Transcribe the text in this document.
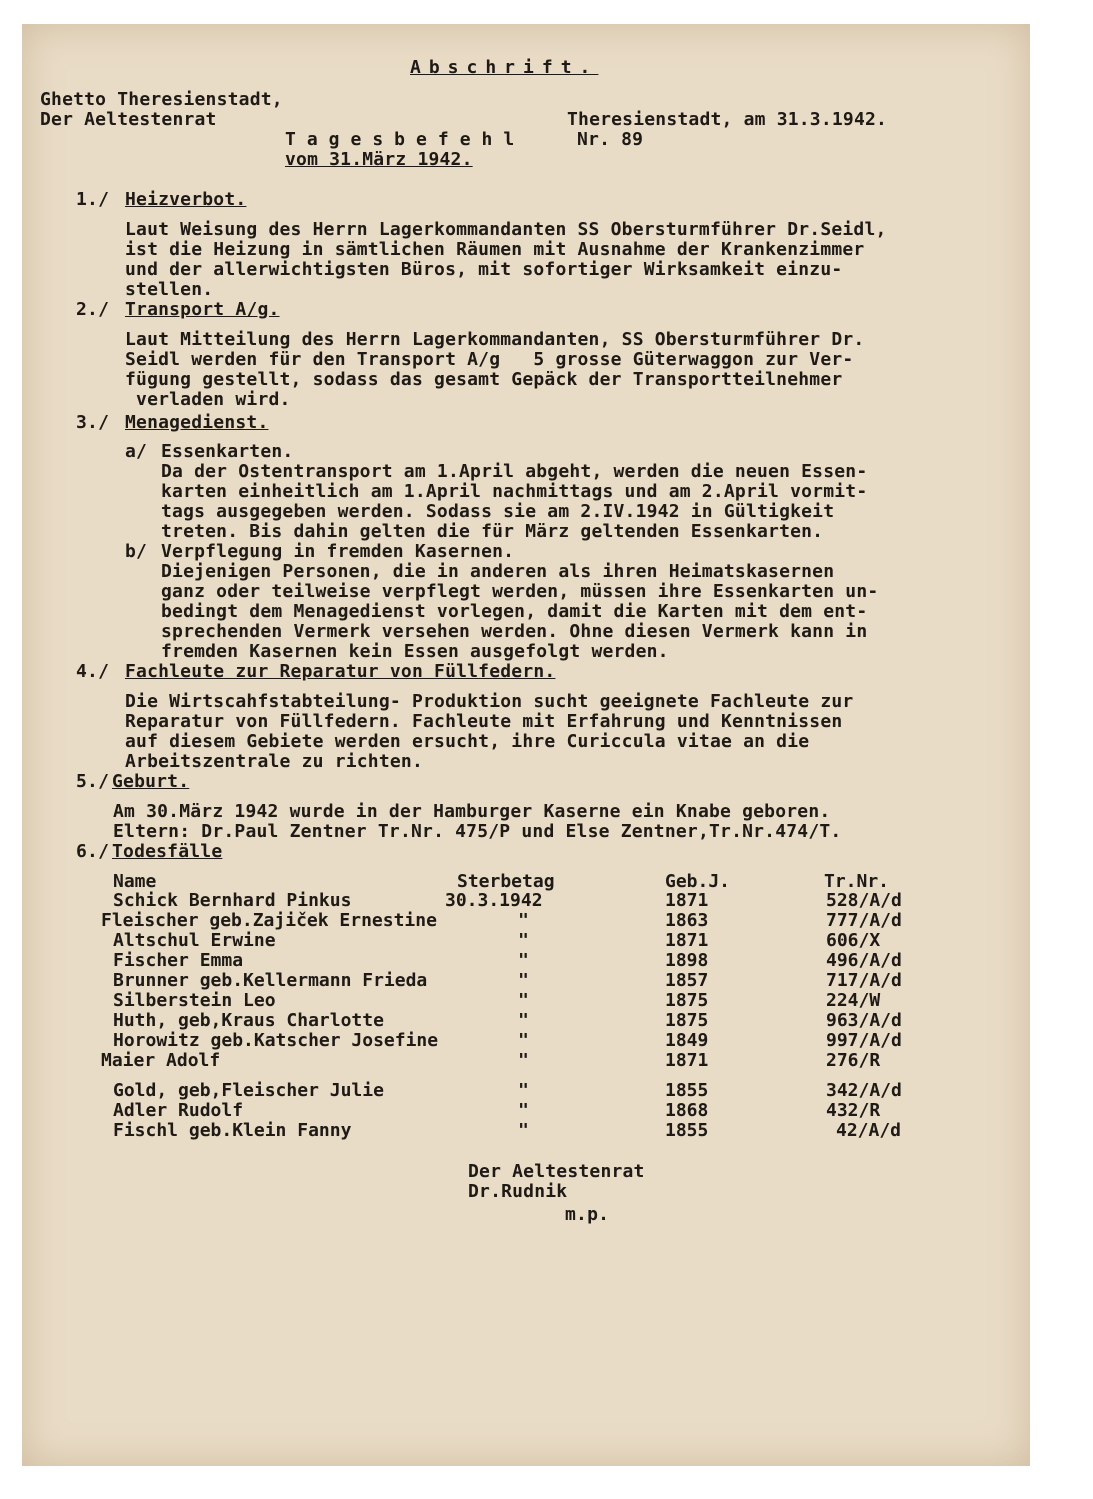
Abschrift.
Ghetto Theresienstadt,
Der Aeltestenrat	Theresienstadt, am 31.3.1942.
Tagesbefehl	Nr. 89
vom 31.März 1942.
1./ Heizverbot.
Laut Weisung des Herrn Lagerkommandanten SS Obersturmführer Dr.Seidl,
ist die Heizung in sämtlichen Räumen mit Ausnahme der Krankenzimmer
und der allerwichtigsten Büros, mit sofortiger Wirksamkeit einzu-
stellen.
2./ Transport A/g.
Laut Mitteilung des Herrn Lagerkommandanten, SS Obersturmführer Dr.
Seidl werden für den Transport A/g   5 grosse Güterwaggon zur Ver-
fügung gestellt, sodass das gesamt Gepäck der Transportteilnehmer
verladen wird.
3./ Menagedienst.
a/ Essenkarten.
Da der Ostentransport am 1.April abgeht, werden die neuen Essen-
karten einheitlich am 1.April nachmittags und am 2.April vormit-
tags ausgegeben werden. Sodass sie am 2.IV.1942 in Gültigkeit
treten. Bis dahin gelten die für März geltenden Essenkarten.
b/ Verpflegung in fremden Kasernen.
Diejenigen Personen, die in anderen als ihren Heimatskasernen
ganz oder teilweise verpflegt werden, müssen ihre Essenkarten un-
bedingt dem Menagedienst vorlegen, damit die Karten mit dem ent-
sprechenden Vermerk versehen werden. Ohne diesen Vermerk kann in
fremden Kasernen kein Essen ausgefolgt werden.
4./ Fachleute zur Reparatur von Füllfedern.
Die Wirtscahfstabteilung- Produktion sucht geeignete Fachleute zur
Reparatur von Füllfedern. Fachleute mit Erfahrung und Kenntnissen
auf diesem Gebiete werden ersucht, ihre Curiccula vitae an die
Arbeitszentrale zu richten.
5./ Geburt.
Am 30.März 1942 wurde in der Hamburger Kaserne ein Knabe geboren.
Eltern: Dr.Paul Zentner Tr.Nr. 475/P und Else Zentner,Tr.Nr.474/T.
6./ Todesfälle
Name	Sterbetag	Geb.J.	Tr.Nr.
Schick Bernhard Pinkus	30.3.1942	1871	528/A/d
Fleischer geb.Zajiček Ernestine	"	1863	777/A/d
Altschul Erwine	"	1871	606/X
Fischer Emma	"	1898	496/A/d
Brunner geb.Kellermann Frieda	"	1857	717/A/d
Silberstein Leo	"	1875	224/W
Huth, geb,Kraus Charlotte	"	1875	963/A/d
Horowitz geb.Katscher Josefine	"	1849	997/A/d
Maier Adolf	"	1871	276/R
Gold, geb,Fleischer Julie	"	1855	342/A/d
Adler Rudolf	"	1868	432/R
Fischl geb.Klein Fanny	"	1855	42/A/d
Der Aeltestenrat
Dr.Rudnik
m.p.
